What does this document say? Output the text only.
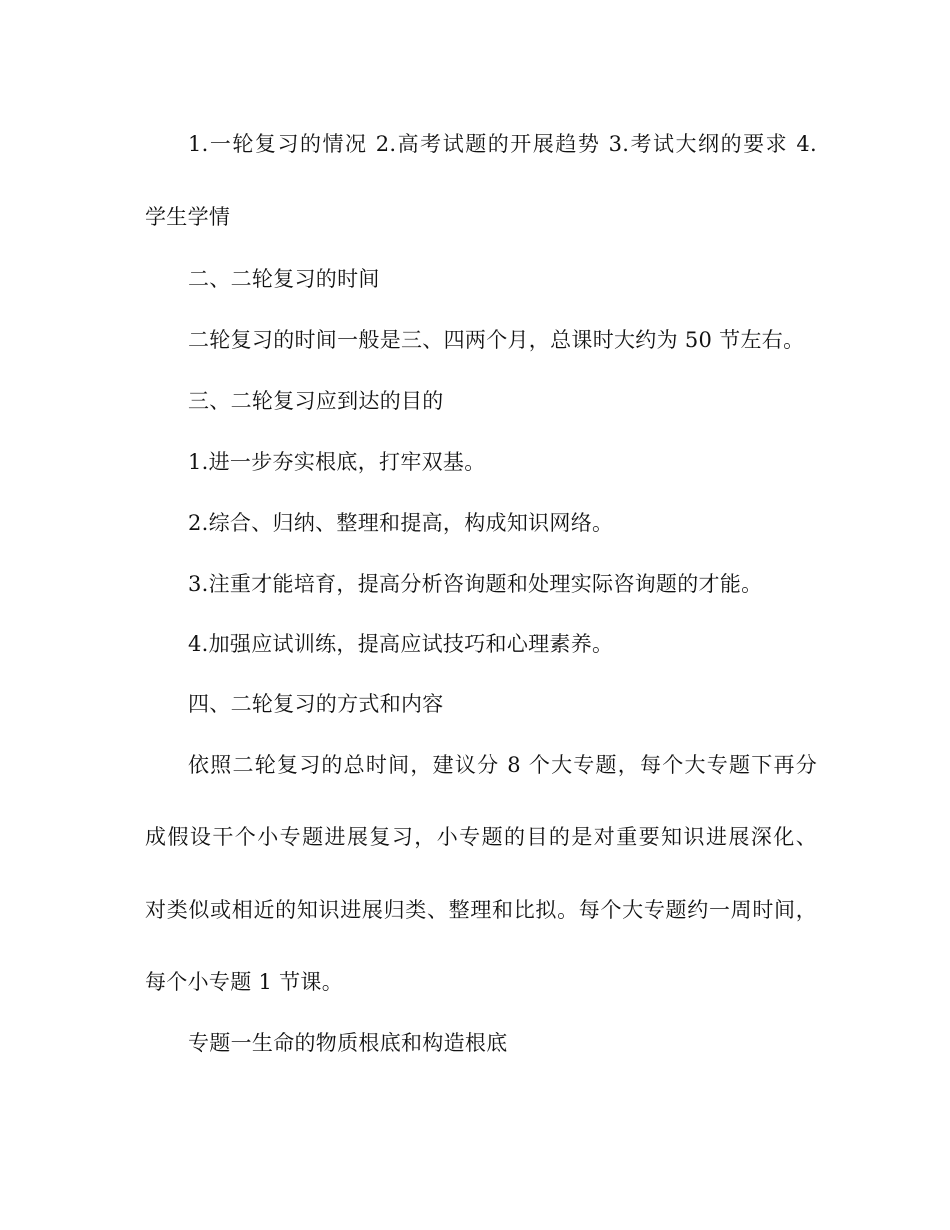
1.一轮复习的情况 2.高考试题的开展趋势 3.考试大纲的要求 4.
学生学情
二、二轮复习的时间
二轮复习的时间一般是三、四两个月，总课时大约为 50 节左右。
三、二轮复习应到达的目的
1.进一步夯实根底，打牢双基。
2.综合、归纳、整理和提高，构成知识网络。
3.注重才能培育，提高分析咨询题和处理实际咨询题的才能。
4.加强应试训练，提高应试技巧和心理素养。
四、二轮复习的方式和内容
依照二轮复习的总时间，建议分 8 个大专题，每个大专题下再分
成假设干个小专题进展复习，小专题的目的是对重要知识进展深化、
对类似或相近的知识进展归类、整理和比拟。每个大专题约一周时间，
每个小专题 1 节课。
专题一生命的物质根底和构造根底
